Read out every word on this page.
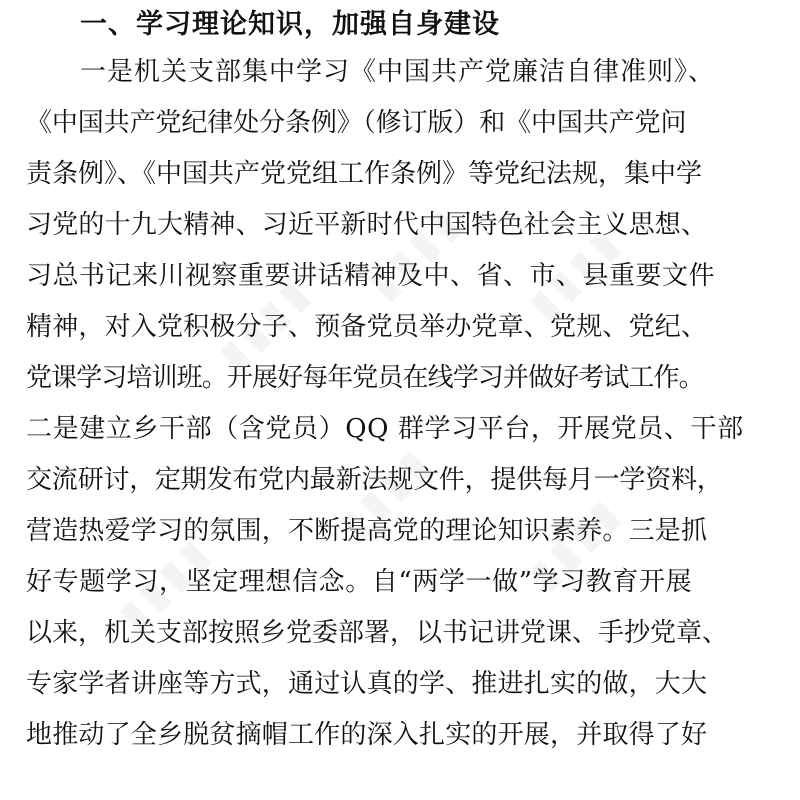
一、学习理论知识，加强自身建设
一是机关支部集中学习《中国共产党廉洁自律准则》、
《中国共产党纪律处分条例》（修订版）和《中国共产党问
责条例》、《中国共产党党组工作条例》等党纪法规，集中学
习党的十九大精神、习近平新时代中国特色社会主义思想、
习总书记来川视察重要讲话精神及中、省、市、县重要文件
精神，对入党积极分子、预备党员举办党章、党规、党纪、
党课学习培训班。开展好每年党员在线学习并做好考试工作。
二是建立乡干部（含党员）QQ 群学习平台，开展党员、干部
交流研讨，定期发布党内最新法规文件，提供每月一学资料，
营造热爱学习的氛围，不断提高党的理论知识素养。三是抓
好专题学习，坚定理想信念。自“两学一做”学习教育开展
以来，机关支部按照乡党委部署，以书记讲党课、手抄党章、
专家学者讲座等方式，通过认真的学、推进扎实的做，大大
地推动了全乡脱贫摘帽工作的深入扎实的开展，并取得了好
